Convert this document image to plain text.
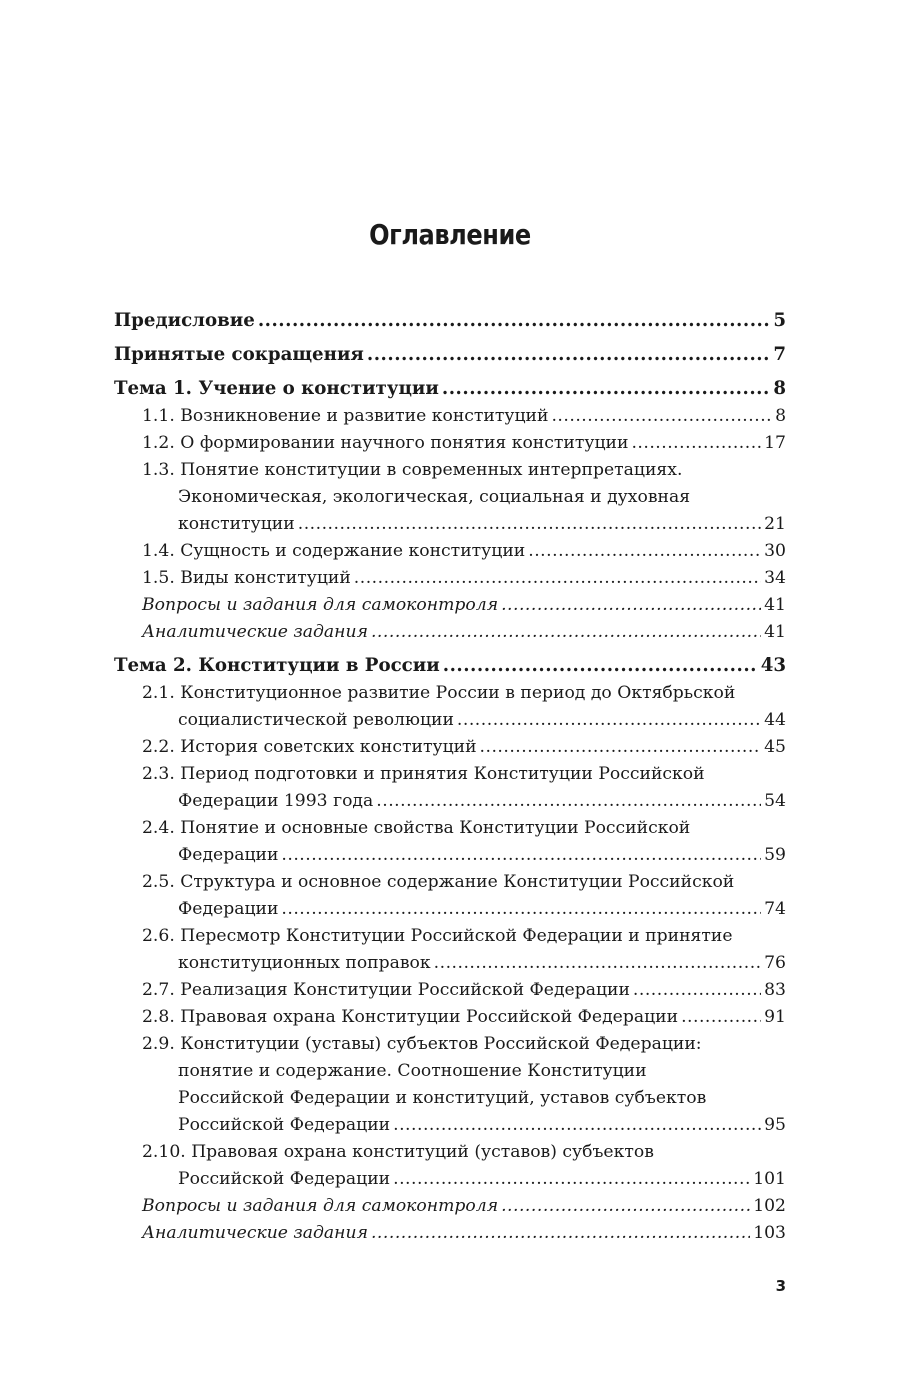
Оглавление
Предисловие .....	5
Принятые сокращения .....	7
Тема 1. Учение о конституции .....	8
1.1. Возникновение и развитие конституций .....	8
1.2. О формировании научного понятия конституции .....	17
1.3. Понятие конституции в современных интерпретациях.
Экономическая, экологическая, социальная и духовная
конституции .....	21
1.4. Сущность и содержание конституции .....	30
1.5. Виды конституций .....	34
Вопросы и задания для самоконтроля .....	41
Аналитические задания .....	41
Тема 2. Конституции в России .....	43
2.1. Конституционное развитие России в период до Октябрьской
социалистической революции .....	44
2.2. История советских конституций .....	45
2.3. Период подготовки и принятия Конституции Российской
Федерации 1993 года .....	54
2.4. Понятие и основные свойства Конституции Российской
Федерации .....	59
2.5. Структура и основное содержание Конституции Российской
Федерации .....	74
2.6. Пересмотр Конституции Российской Федерации и принятие
конституционных поправок .....	76
2.7. Реализация Конституции Российской Федерации .....	83
2.8. Правовая охрана Конституции Российской Федерации .....	91
2.9. Конституции (уставы) субъектов Российской Федерации:
понятие и содержание. Соотношение Конституции
Российской Федерации и конституций, уставов субъектов
Российской Федерации .....	95
2.10. Правовая охрана конституций (уставов) субъектов
Российской Федерации .....	101
Вопросы и задания для самоконтроля .....	102
Аналитические задания .....	103
3
